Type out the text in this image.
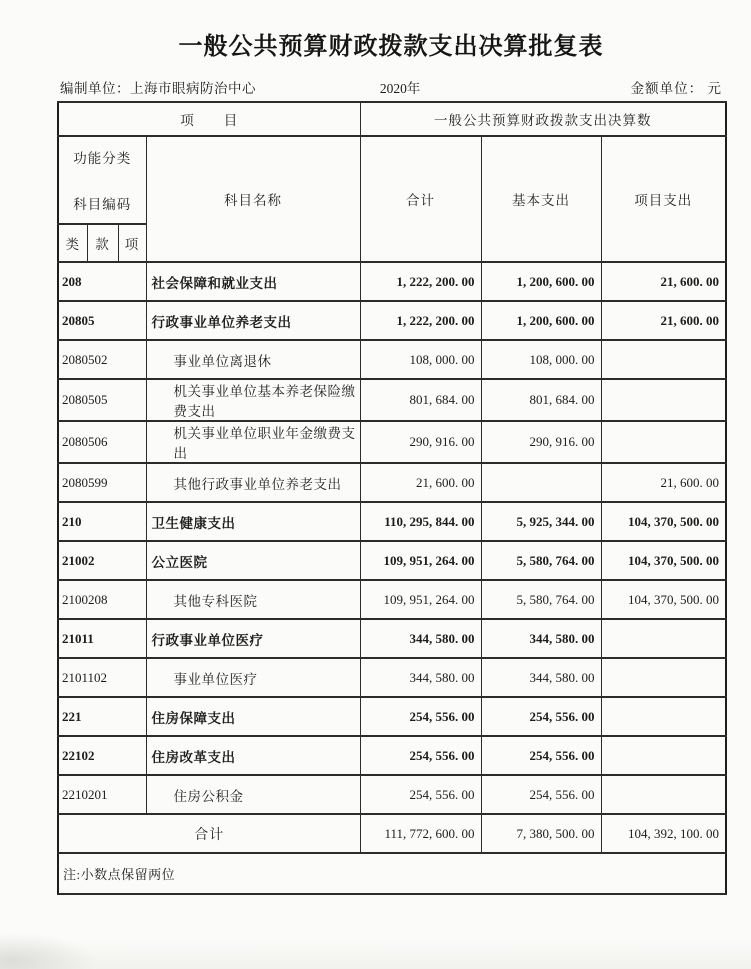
一般公共预算财政拨款支出决算批复表
编制单位：上海市眼病防治中心	2020年	金额单位： 元
项　　目				一般公共预算财政拨款支出决算数		

功能分类
科目编码			科目名称	合计	基本支出	项目支出
类	款	项				
208			社会保障和就业支出	1, 222, 200. 00	1, 200, 600. 00	21, 600. 00
20805			行政事业单位养老支出	1, 222, 200. 00	1, 200, 600. 00	21, 600. 00
2080502			事业单位离退休	108, 000. 00	108, 000. 00	
2080505			机关事业单位基本养老保险缴费支出	801, 684. 00	801, 684. 00	
2080506			机关事业单位职业年金缴费支出	290, 916. 00	290, 916. 00	
2080599			其他行政事业单位养老支出	21, 600. 00		21, 600. 00
210			卫生健康支出	110, 295, 844. 00	5, 925, 344. 00	104, 370, 500. 00
21002			公立医院	109, 951, 264. 00	5, 580, 764. 00	104, 370, 500. 00
2100208			其他专科医院	109, 951, 264. 00	5, 580, 764. 00	104, 370, 500. 00
21011			行政事业单位医疗	344, 580. 00	344, 580. 00	
2101102			事业单位医疗	344, 580. 00	344, 580. 00	
221			住房保障支出	254, 556. 00	254, 556. 00	
22102			住房改革支出	254, 556. 00	254, 556. 00	
2210201			住房公积金	254, 556. 00	254, 556. 00	
合计				111, 772, 600. 00	7, 380, 500. 00	104, 392, 100. 00
注:小数点保留两位						
